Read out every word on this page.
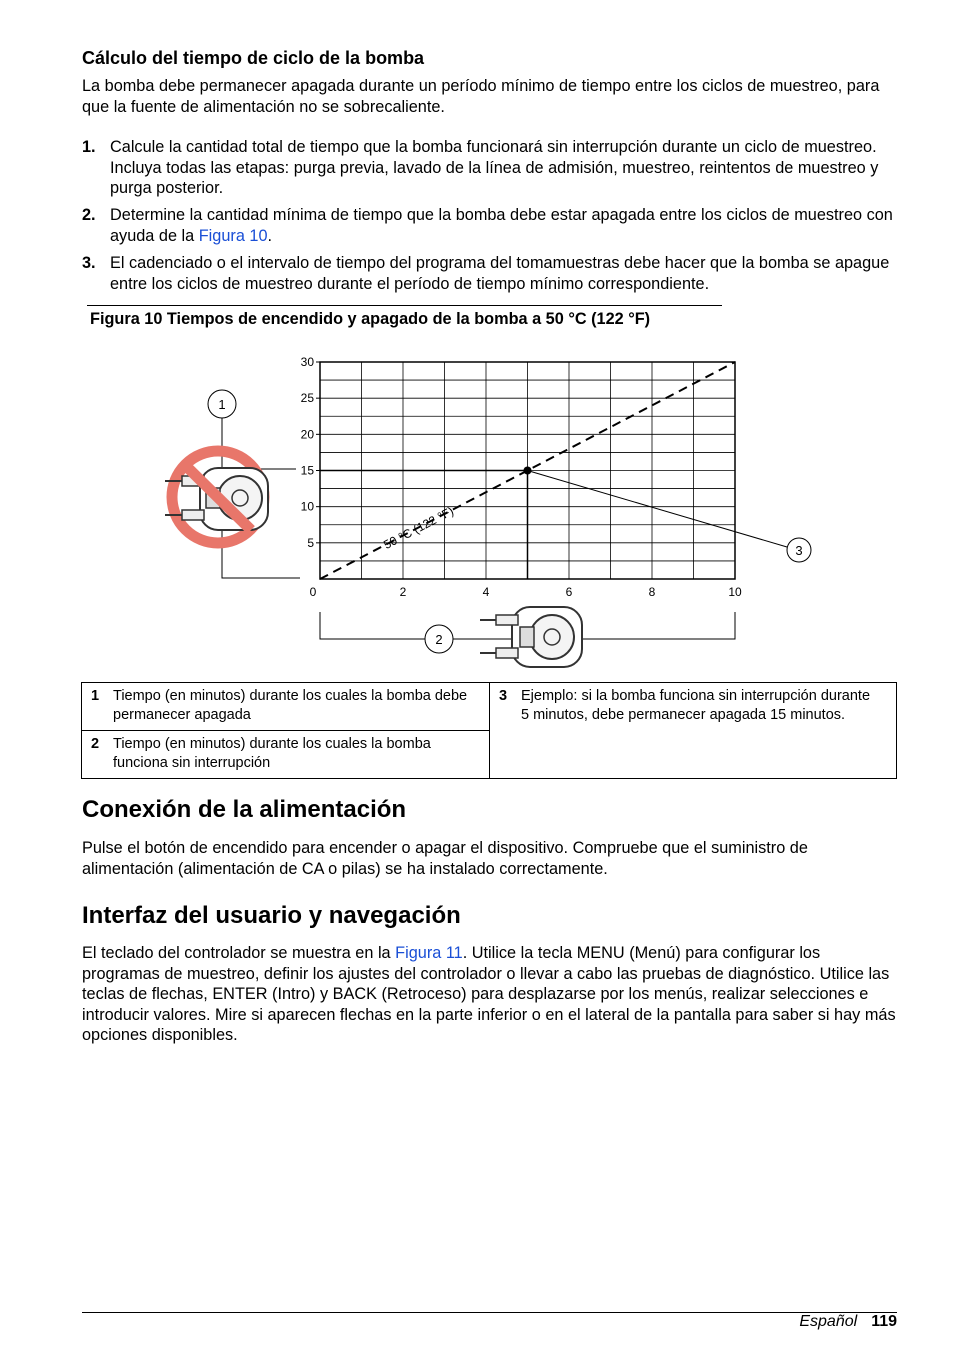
Cálculo del tiempo de ciclo de la bomba

La bomba debe permanecer apagada durante un período mínimo de tiempo entre los ciclos de muestreo, para que la fuente de alimentación no se sobrecaliente.

1. Calcule la cantidad total de tiempo que la bomba funcionará sin interrupción durante un ciclo de muestreo. Incluya todas las etapas: purga previa, lavado de la línea de admisión, muestreo, reintentos de muestreo y purga posterior.
2. Determine la cantidad mínima de tiempo que la bomba debe estar apagada entre los ciclos de muestreo con ayuda de la Figura 10.
3. El cadenciado o el intervalo de tiempo del programa del tomamuestras debe hacer que la bomba se apague entre los ciclos de muestreo durante el período de tiempo mínimo correspondiente.
Figura 10 Tiempos de encendido y apagado de la bomba a 50 °C (122 °F)
5
10
15
20
25
30
0	2	4	6	8	10
50 °C (122 °F)
1
2
3
1 Tiempo (en minutos) durante los cuales la bomba debe permanecer apagada	3 Ejemplo: si la bomba funciona sin interrupción durante 5 minutos, debe permanecer apagada 15 minutos.
2 Tiempo (en minutos) durante los cuales la bomba funciona sin interrupción
Conexión de la alimentación

Pulse el botón de encendido para encender o apagar el dispositivo. Compruebe que el suministro de alimentación (alimentación de CA o pilas) se ha instalado correctamente.

Interfaz del usuario y navegación

El teclado del controlador se muestra en la Figura 11. Utilice la tecla MENU (Menú) para configurar los programas de muestreo, definir los ajustes del controlador o llevar a cabo las pruebas de diagnóstico. Utilice las teclas de flechas, ENTER (Intro) y BACK (Retroceso) para desplazarse por los menús, realizar selecciones e introducir valores. Mire si aparecen flechas en la parte inferior o en el lateral de la pantalla para saber si hay más opciones disponibles.

Español 119
